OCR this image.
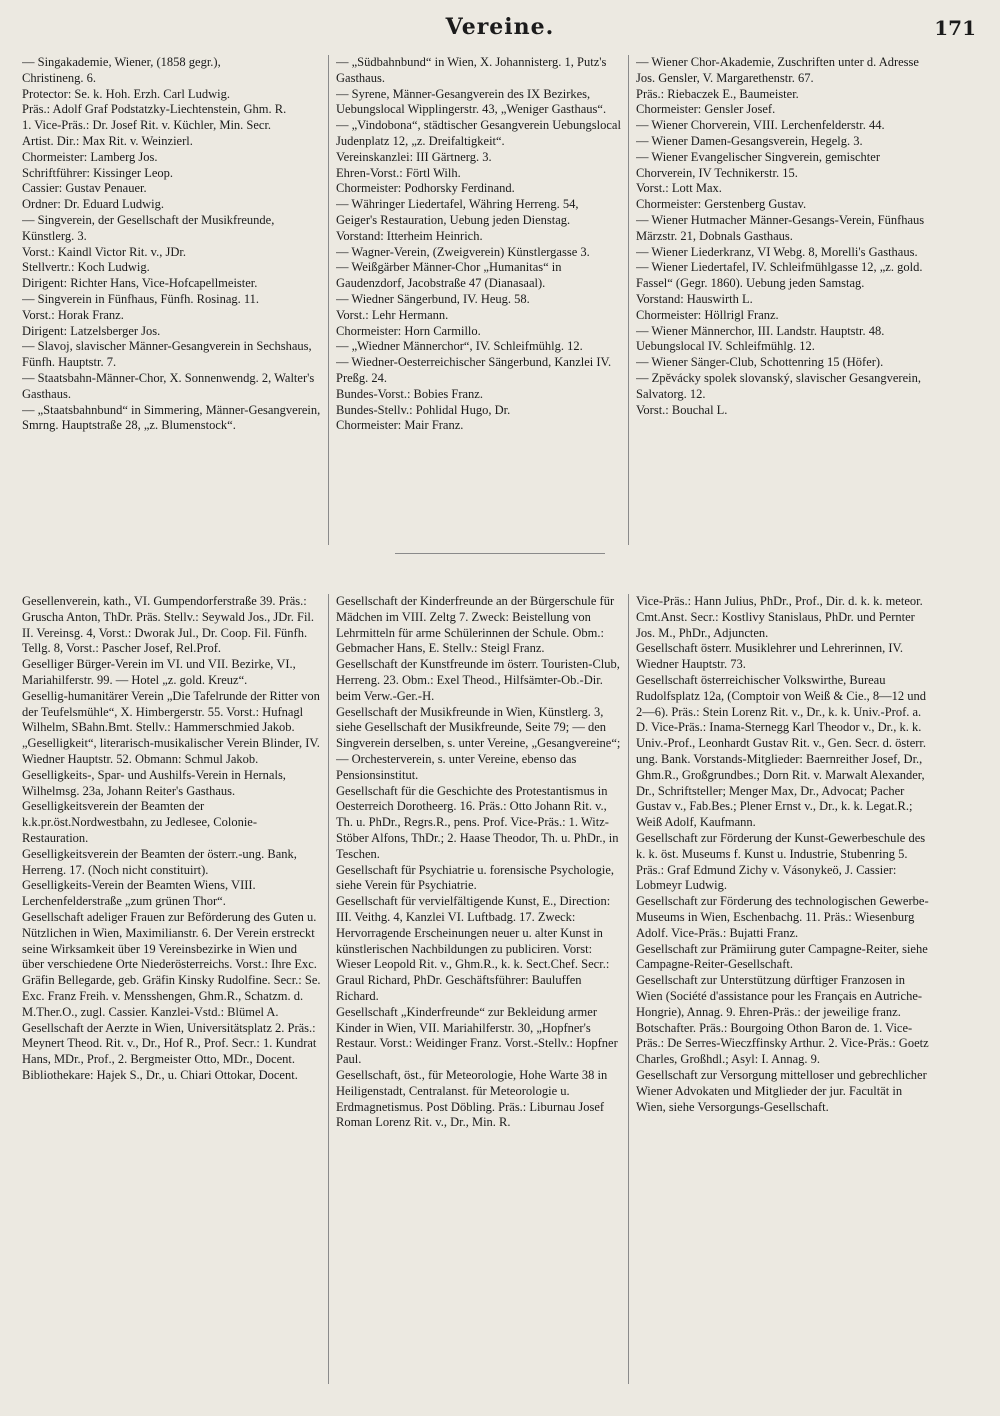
Vereine.	171

— Singakademie, Wiener, (1858 gegr.),

Christineng. 6.

Protector: Se. k. Hoh. Erzh. Carl Ludwig.

Präs.: Adolf Graf Podstatzky-Liechtenstein, Ghm. R.

1. Vice-Präs.: Dr. Josef Rit. v. Küchler, Min. Secr.

Artist. Dir.: Max Rit. v. Weinzierl.

Chormeister: Lamberg Jos.

Schriftführer: Kissinger Leop.

Cassier: Gustav Penauer.

Ordner: Dr. Eduard Ludwig.

— Singverein, der Gesellschaft der Musikfreunde, Künstlerg. 3.

Vorst.: Kaindl Victor Rit. v., JDr.

Stellvertr.: Koch Ludwig.

Dirigent: Richter Hans, Vice-Hofcapellmeister.

— Singverein in Fünfhaus, Fünfh. Rosinag. 11.

Vorst.: Horak Franz.

Dirigent: Latzelsberger Jos.

— Slavoj, slavischer Männer-Gesangverein in Sechshaus, Fünfh. Hauptstr. 7.

— Staatsbahn-Männer-Chor, X. Sonnenwendg. 2, Walter's Gasthaus.

— „Staatsbahnbund“ in Simmering, Männer-Gesangverein, Smrng. Hauptstraße 28, „z. Blumenstock“.

— „Südbahnbund“ in Wien, X. Johannisterg. 1, Putz's Gasthaus.

— Syrene, Männer-Gesangverein des IX Bezirkes, Uebungslocal Wipplingerstr. 43, „Weniger Gasthaus“.

— „Vindobona“, städtischer Gesangverein Uebungslocal Judenplatz 12, „z. Dreifaltigkeit“.

Vereinskanzlei: III Gärtnerg. 3.

Ehren-Vorst.: Förtl Wilh.

Chormeister: Podhorsky Ferdinand.

— Währinger Liedertafel, Währing Herreng. 54, Geiger's Restauration, Uebung jeden Dienstag.

Vorstand: Itterheim Heinrich.

— Wagner-Verein, (Zweigverein) Künstlergasse 3.

— Weißgärber Männer-Chor „Humanitas“ in Gaudenzdorf, Jacobstraße 47 (Dianasaal).

— Wiedner Sängerbund, IV. Heug. 58.

Vorst.: Lehr Hermann.

Chormeister: Horn Carmillo.

— „Wiedner Männerchor“, IV. Schleifmühlg. 12.

— Wiedner-Oesterreichischer Sängerbund, Kanzlei IV. Preßg. 24.

Bundes-Vorst.: Bobies Franz.

Bundes-Stellv.: Pohlidal Hugo, Dr.

Chormeister: Mair Franz.

— Wiener Chor-Akademie, Zuschriften unter d. Adresse Jos. Gensler, V. Margarethenstr. 67.

Präs.: Riebaczek E., Baumeister.

Chormeister: Gensler Josef.

— Wiener Chorverein, VIII. Lerchenfelderstr. 44.

— Wiener Damen-Gesangsverein, Hegelg. 3.

— Wiener Evangelischer Singverein, gemischter Chorverein, IV Technikerstr. 15.

Vorst.: Lott Max.

Chormeister: Gerstenberg Gustav.

— Wiener Hutmacher Männer-Gesangs-Verein, Fünfhaus Märzstr. 21, Dobnals Gasthaus.

— Wiener Liederkranz, VI Webg. 8, Morelli's Gasthaus.

— Wiener Liedertafel, IV. Schleifmühlgasse 12, „z. gold. Fassel“ (Gegr. 1860). Uebung jeden Samstag.

Vorstand: Hauswirth L.

Chormeister: Höllrigl Franz.

— Wiener Männerchor, III. Landstr. Hauptstr. 48. Uebungslocal IV. Schleifmühlg. 12.

— Wiener Sänger-Club, Schottenring 15 (Höfer).

— Zpěvácky spolek slovanský, slavischer Gesangverein, Salvatorg. 12.

Vorst.: Bouchal L.

Gesellenverein, kath., VI. Gumpendorferstraße 39. Präs.: Gruscha Anton, ThDr. Präs. Stellv.: Seywald Jos., JDr. Fil. II. Vereinsg. 4, Vorst.: Dworak Jul., Dr. Coop. Fil. Fünfh. Tellg. 8, Vorst.: Pascher Josef, Rel.Prof.

Geselliger Bürger-Verein im VI. und VII. Bezirke, VI., Mariahilferstr. 99. — Hotel „z. gold. Kreuz“.

Gesellig-humanitärer Verein „Die Tafelrunde der Ritter von der Teufelsmühle“, X. Himbergerstr. 55. Vorst.: Hufnagl Wilhelm, SBahn.Bmt. Stellv.: Hammerschmied Jakob.

„Geselligkeit“, literarisch-musikalischer Verein Blinder, IV. Wiedner Hauptstr. 52. Obmann: Schmul Jakob.

Geselligkeits-, Spar- und Aushilfs-Verein in Hernals, Wilhelmsg. 23a, Johann Reiter's Gasthaus.

Geselligkeitsverein der Beamten der k.k.pr.öst.Nordwestbahn, zu Jedlesee, Colonie-Restauration.

Geselligkeitsverein der Beamten der österr.-ung. Bank, Herreng. 17. (Noch nicht constituirt).

Geselligkeits-Verein der Beamten Wiens, VIII. Lerchenfelderstraße „zum grünen Thor“.

Gesellschaft adeliger Frauen zur Beförderung des Guten u. Nützlichen in Wien, Maximilianstr. 6. Der Verein erstreckt seine Wirksamkeit über 19 Vereinsbezirke in Wien und über verschiedene Orte Niederösterreichs. Vorst.: Ihre Exc. Gräfin Bellegarde, geb. Gräfin Kinsky Rudolfine. Secr.: Se. Exc. Franz Freih. v. Mensshengen, Ghm.R., Schatzm. d. M.Ther.O., zugl. Cassier. Kanzlei-Vstd.: Blümel A.

Gesellschaft der Aerzte in Wien, Universitätsplatz 2. Präs.: Meynert Theod. Rit. v., Dr., Hof R., Prof. Secr.: 1. Kundrat Hans, MDr., Prof., 2. Bergmeister Otto, MDr., Docent. Bibliothekare: Hajek S., Dr., u. Chiari Ottokar, Docent.

Gesellschaft der Kinderfreunde an der Bürgerschule für Mädchen im VIII. Zeltg 7. Zweck: Beistellung von Lehrmitteln für arme Schülerinnen der Schule. Obm.: Gebmacher Hans, E. Stellv.: Steigl Franz.

Gesellschaft der Kunstfreunde im österr. Touristen-Club, Herreng. 23. Obm.: Exel Theod., Hilfsämter-Ob.-Dir. beim Verw.-Ger.-H.

Gesellschaft der Musikfreunde in Wien, Künstlerg. 3, siehe Gesellschaft der Musikfreunde, Seite 79; — den Singverein derselben, s. unter Vereine, „Gesangvereine“; — Orchesterverein, s. unter Vereine, ebenso das Pensionsinstitut.

Gesellschaft für die Geschichte des Protestantismus in Oesterreich Dorotheerg. 16. Präs.: Otto Johann Rit. v., Th. u. PhDr., Regrs.R., pens. Prof. Vice-Präs.: 1. Witz-Stöber Alfons, ThDr.; 2. Haase Theodor, Th. u. PhDr., in Teschen.

Gesellschaft für Psychiatrie u. forensische Psychologie, siehe Verein für Psychiatrie.

Gesellschaft für vervielfältigende Kunst, E., Direction: III. Veithg. 4, Kanzlei VI. Luftbadg. 17. Zweck: Hervorragende Erscheinungen neuer u. alter Kunst in künstlerischen Nachbildungen zu publiciren. Vorst: Wieser Leopold Rit. v., Ghm.R., k. k. Sect.Chef. Secr.: Graul Richard, PhDr. Geschäftsführer: Bauluffen Richard.

Gesellschaft „Kinderfreunde“ zur Bekleidung armer Kinder in Wien, VII. Mariahilferstr. 30, „Hopfner's Restaur. Vorst.: Weidinger Franz. Vorst.-Stellv.: Hopfner Paul.

Gesellschaft, öst., für Meteorologie, Hohe Warte 38 in Heiligenstadt, Centralanst. für Meteorologie u. Erdmagnetismus. Post Döbling. Präs.: Liburnau Josef Roman Lorenz Rit. v., Dr., Min. R.

Vice-Präs.: Hann Julius, PhDr., Prof., Dir. d. k. k. meteor. Cmt.Anst. Secr.: Kostlivy Stanislaus, PhDr. und Pernter Jos. M., PhDr., Adjuncten.

Gesellschaft österr. Musiklehrer und Lehrerinnen, IV. Wiedner Hauptstr. 73.

Gesellschaft österreichischer Volkswirthe, Bureau Rudolfsplatz 12a, (Comptoir von Weiß & Cie., 8—12 und 2—6). Präs.: Stein Lorenz Rit. v., Dr., k. k. Univ.-Prof. a. D. Vice-Präs.: Inama-Sternegg Karl Theodor v., Dr., k. k. Univ.-Prof., Leonhardt Gustav Rit. v., Gen. Secr. d. österr. ung. Bank. Vorstands-Mitglieder: Baernreither Josef, Dr., Ghm.R., Großgrundbes.; Dorn Rit. v. Marwalt Alexander, Dr., Schriftsteller; Menger Max, Dr., Advocat; Pacher Gustav v., Fab.Bes.; Plener Ernst v., Dr., k. k. Legat.R.; Weiß Adolf, Kaufmann.

Gesellschaft zur Förderung der Kunst-Gewerbeschule des k. k. öst. Museums f. Kunst u. Industrie, Stubenring 5. Präs.: Graf Edmund Zichy v. Vásonykeö, J. Cassier: Lobmeyr Ludwig.

Gesellschaft zur Förderung des technologischen Gewerbe-Museums in Wien, Eschenbachg. 11. Präs.: Wiesenburg Adolf. Vice-Präs.: Bujatti Franz.

Gesellschaft zur Prämiirung guter Campagne-Reiter, siehe Campagne-Reiter-Gesellschaft.

Gesellschaft zur Unterstützung dürftiger Franzosen in Wien (Société d'assistance pour les Français en Autriche-Hongrie), Annag. 9. Ehren-Präs.: der jeweilige franz. Botschafter. Präs.: Bourgoing Othon Baron de. 1. Vice-Präs.: De Serres-Wieczffinsky Arthur. 2. Vice-Präs.: Goetz Charles, Großhdl.; Asyl: I. Annag. 9.

Gesellschaft zur Versorgung mittelloser und gebrechlicher Wiener Advokaten und Mitglieder der jur. Facultät in Wien, siehe Versorgungs-Gesellschaft.
